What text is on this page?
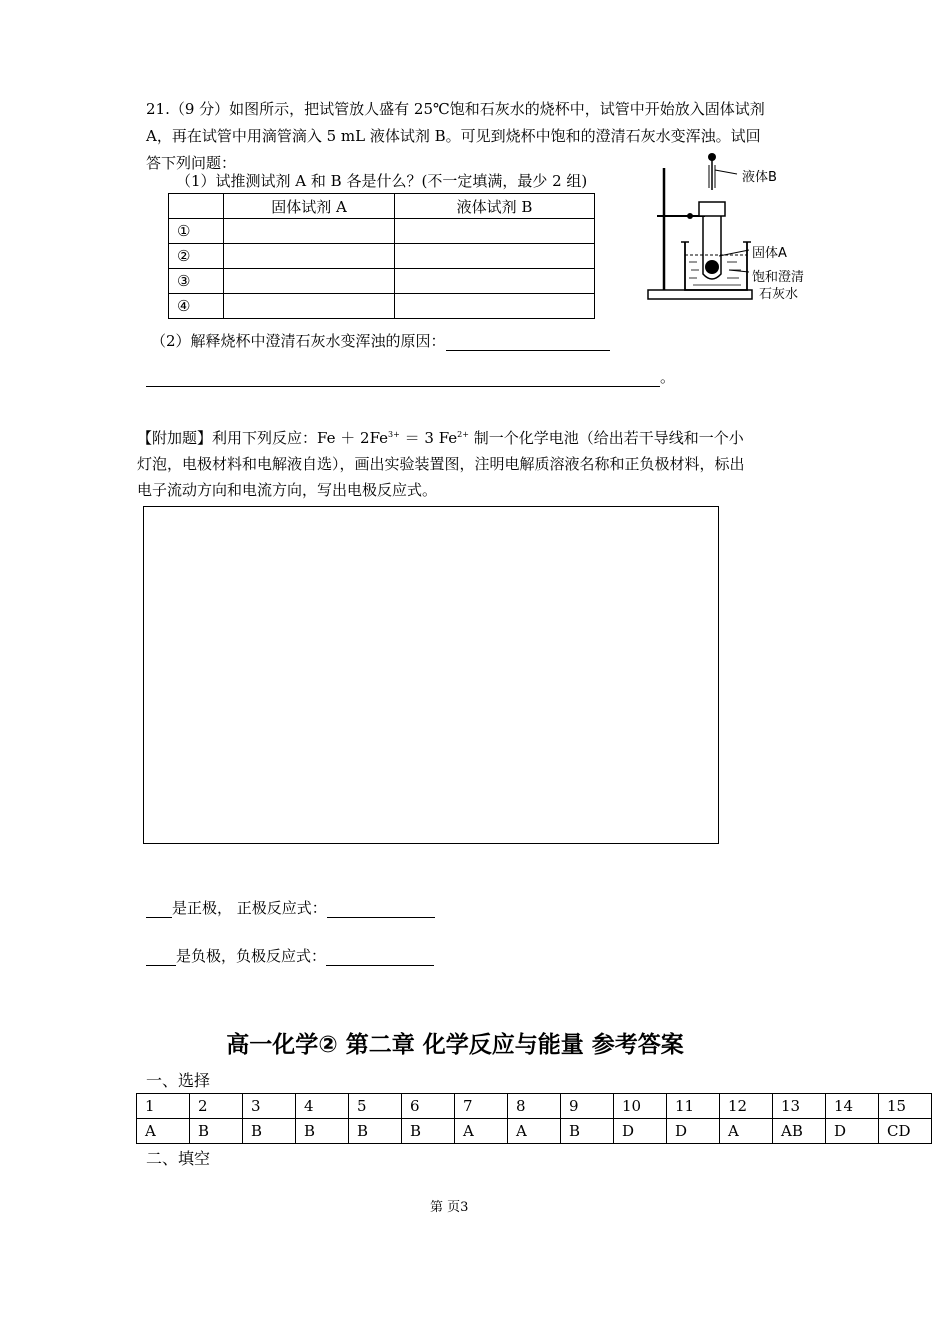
21.（9 分）如图所示，把试管放人盛有 25℃饱和石灰水的烧杯中，试管中开始放入固体试剂
A，再在试管中用滴管滴入 5 mL 液体试剂 B。可见到烧杯中饱和的澄清石灰水变浑浊。试回
答下列问题：
（1）试推测试剂 A 和 B 各是什么？(不一定填满，最少 2 组)
	固体试剂 A	液体试剂 B
①		
②		
③		
④		
液体B
固体A
饱和澄清
石灰水
（2）解释烧杯中澄清石灰水变浑浊的原因：
。
【附加题】利用下列反应：$Fe + 2Fe^{3+} = 3$ $Fe^{2+}$ 制一个化学电池（给出若干导线和一个小
灯泡，电极材料和电解液自选），画出实验装置图，注明电解质溶液名称和正负极材料，标出
电子流动方向和电流方向，写出电极反应式。
是正极， 正极反应式：
是负极，负极反应式：
高一化学② 第二章 化学反应与能量 参考答案
一、选择
1	2	3	4	5	6	7	8	9	10	11	12	13	14	15
A	B	B	B	B	B	A	A	B	D	D	A	AB	D	CD
二、填空
第 页3
